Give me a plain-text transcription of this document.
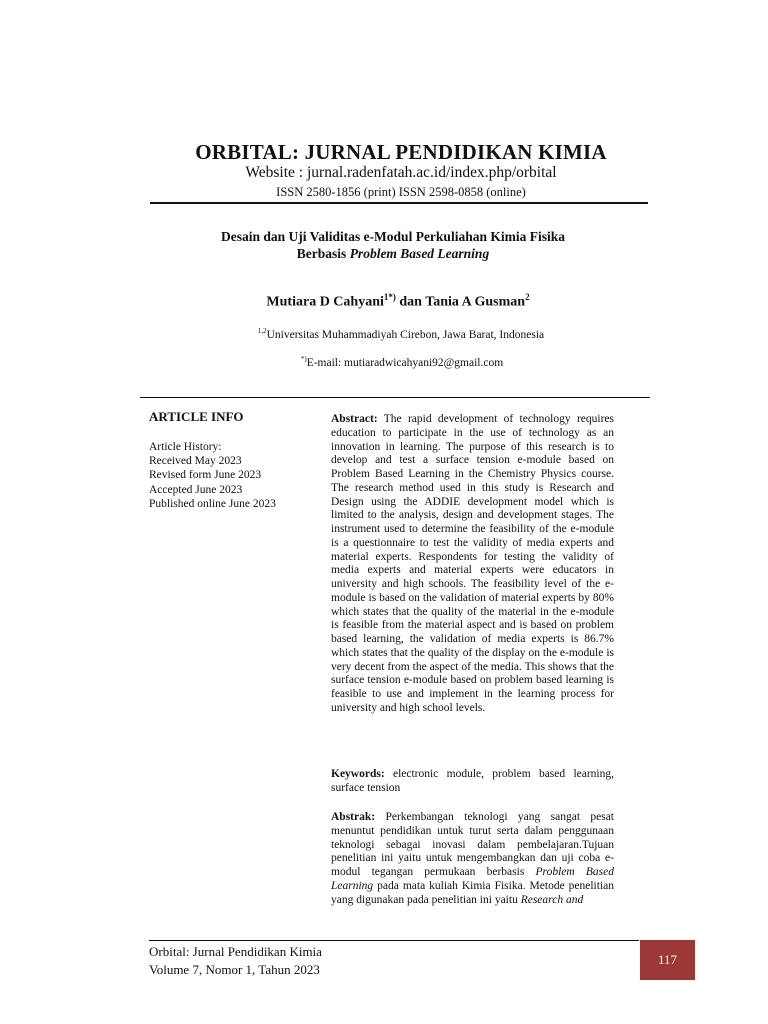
ORBITAL: JURNAL PENDIDIKAN KIMIA
Website : jurnal.radenfatah.ac.id/index.php/orbital
ISSN 2580-1856 (print) ISSN 2598-0858 (online)
Desain dan Uji Validitas e-Modul Perkuliahan Kimia Fisika
Berbasis Problem Based Learning
Mutiara D Cahyani$^{1*)}$ dan Tania A Gusman$^2$
$^{1,2}$Universitas Muhammadiyah Cirebon, Jawa Barat, Indonesia
*)E-mail: mutiaradwicahyani92@gmail.com
ARTICLE INFO
Article History:
Received May 2023
Revised form June 2023
Accepted June 2023
Published online June 2023
Abstract: The rapid development of technology requires education to participate in the use of technology as an innovation in learning. The purpose of this research is to develop and test a surface tension e-module based on Problem Based Learning in the Chemistry Physics course. The research method used in this study is Research and Design using the ADDIE development model which is limited to the analysis, design and development stages. The instrument used to determine the feasibility of the e-module is a questionnaire to test the validity of media experts and material experts. Respondents for testing the validity of media experts and material experts were educators in university and high schools. The feasibility level of the e-module is based on the validation of material experts by 80% which states that the quality of the material in the e-module is feasible from the material aspect and is based on problem based learning, the validation of media experts is 86.7% which states that the quality of the display on the e-module is very decent from the aspect of the media. This shows that the surface tension e-module based on problem based learning is feasible to use and implement in the learning process for university and high school levels.
Keywords: electronic module, problem based learning, surface tension
Abstrak: Perkembangan teknologi yang sangat pesat menuntut pendidikan untuk turut serta dalam penggunaan teknologi sebagai inovasi dalam pembelajaran.Tujuan penelitian ini yaitu untuk mengembangkan dan uji coba e-modul tegangan permukaan berbasis Problem Based Learning pada mata kuliah Kimia Fisika. Metode penelitian yang digunakan pada penelitian ini yaitu Research and
Orbital: Jurnal Pendidikan Kimia
Volume 7, Nomor 1, Tahun 2023
117
